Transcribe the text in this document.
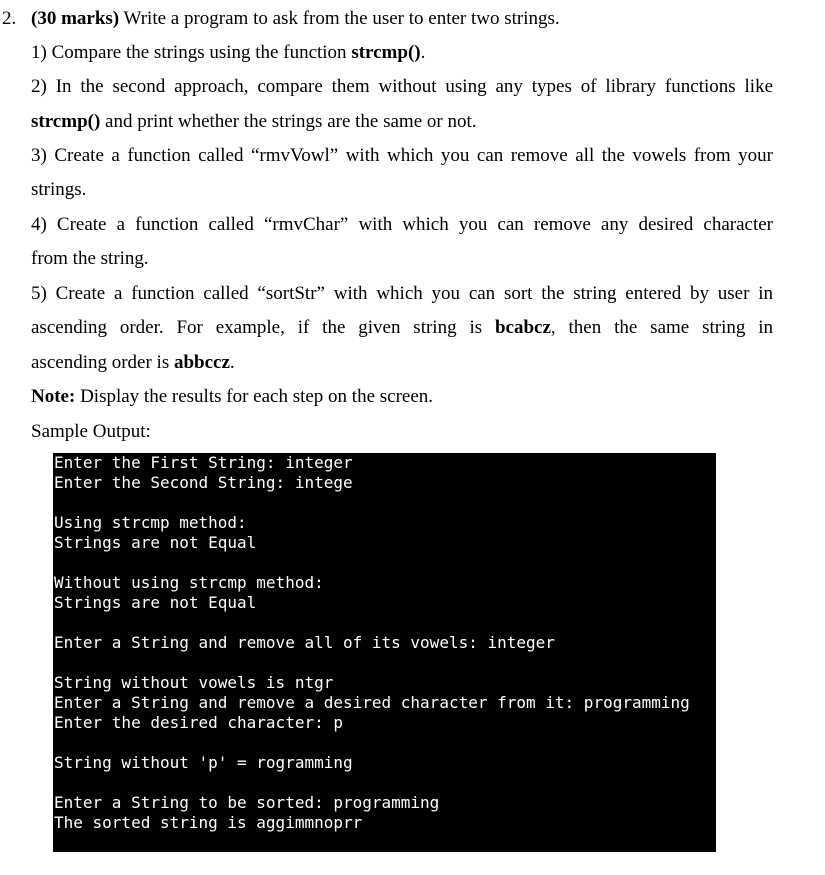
2. (30 marks) Write a program to ask from the user to enter two strings.
1) Compare the strings using the function strcmp().
2) In the second approach, compare them without using any types of library functions like
strcmp() and print whether the strings are the same or not.
3) Create a function called “rmvVowl” with which you can remove all the vowels from your
strings.
4) Create a function called “rmvChar” with which you can remove any desired character
from the string.
5) Create a function called “sortStr” with which you can sort the string entered by user in
ascending order. For example, if the given string is bcabcz, then the same string in
ascending order is abbccz.
Note: Display the results for each step on the screen.
Sample Output:
Enter the First String: integer
Enter the Second String: intege
Using strcmp method:
Strings are not Equal
Without using strcmp method:
Strings are not Equal
Enter a String and remove all of its vowels: integer
String without vowels is ntgr
Enter a String and remove a desired character from it: programming
Enter the desired character: p
String without 'p' = rogramming
Enter a String to be sorted: programming
The sorted string is aggimmnoprr
